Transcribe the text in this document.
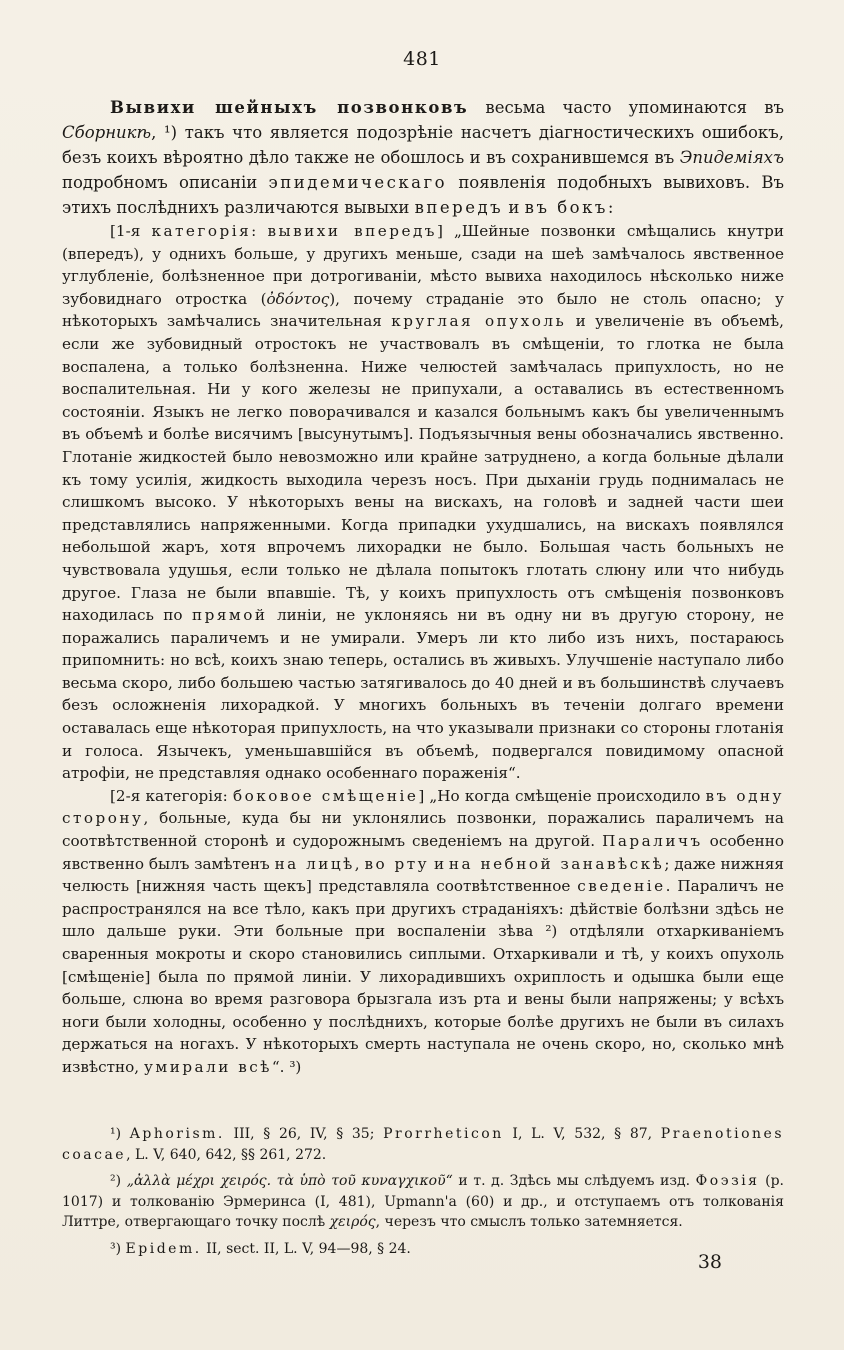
481

Вывихи шейныхъ позвонковъ весьма часто упоминаются въ Сборникѣ, ¹) такъ что является подозрѣніе насчетъ діагностическихъ ошибокъ, безъ коихъ вѣроятно дѣло также не обошлось и въ сохранившемся въ Эпидеміяхъ подробномъ описаніи эпидемическаго появленія подобныхъ вывиховъ. Въ этихъ послѣднихъ различаются вывыхи впередъ и въ бокъ:

[1-я категорія: вывихи впередъ] „Шейные позвонки смѣщались кнутри (впередъ), у однихъ больше, у другихъ меньше, сзади на шеѣ замѣчалось явственное углубленіе, болѣзненное при дотрогиваніи, мѣсто вывиха находилось нѣсколько ниже зубовиднаго отростка (ὀδόντος), почему страданіе это было не столь опасно; у нѣкоторыхъ замѣчались значительная круглая опухоль и увеличеніе въ объемѣ, если же зубовидный отростокъ не участвовалъ въ смѣщеніи, то глотка не была воспалена, а только болѣзненна. Ниже челюстей замѣчалась припухлость, но не воспалительная. Ни у кого железы не припухали, а оставались въ естественномъ состояніи. Языкъ не легко поворачивался и казался больнымъ какъ бы увеличеннымъ въ объемѣ и болѣе висячимъ [высунутымъ]. Подъязычныя вены обозначались явственно. Глотаніе жидкостей было невозможно или крайне затруднено, а когда больные дѣлали къ тому усилія, жидкость выходила черезъ носъ. При дыханіи грудь поднималась не слишкомъ высоко. У нѣкоторыхъ вены на вискахъ, на головѣ и задней части шеи представлялись напряженными. Когда припадки ухудшались, на вискахъ появлялся небольшой жаръ, хотя впрочемъ лихорадки не было. Большая часть больныхъ не чувствовала удушья, если только не дѣлала попытокъ глотать слюну или что нибудь другое. Глаза не были впавшіе. Тѣ, у коихъ припухлость отъ смѣщенія позвонковъ находилась по прямой линіи, не уклоняясь ни въ одну ни въ другую сторону, не поражались параличемъ и не умирали. Умеръ ли кто либо изъ нихъ, постараюсь припомнить: но всѣ, коихъ знаю теперь, остались въ живыхъ. Улучшеніе наступало либо весьма скоро, либо большею частью затягивалось до 40 дней и въ большинствѣ случаевъ безъ осложненія лихорадкой. У многихъ больныхъ въ теченіи долгаго времени оставалась еще нѣкоторая припухлость, на что указывали признаки со стороны глотанія и голоса. Язычекъ, уменьшавшійся въ объемѣ, подвергался повидимому опасной атрофіи, не представляя однако особеннаго пораженія“.

[2-я категорія: боковое смѣщеніе] „Но когда смѣщеніе происходило въ одну сторону, больные, куда бы ни уклонялись позвонки, поражались параличемъ на соотвѣтственной сторонѣ и судорожнымъ сведеніемъ на другой. Параличъ особенно явственно былъ замѣтенъ на лицѣ, во рту и на небной занавѣскѣ; даже нижняя челюсть [нижняя часть щекъ] представляла соотвѣтственное сведеніе. Параличъ не распространялся на все тѣло, какъ при другихъ страданіяхъ: дѣйствіе болѣзни здѣсь не шло дальше руки. Эти больные при воспаленіи зѣва ²) отдѣляли отхаркиваніемъ сваренныя мокроты и скоро становились сиплыми. Отхаркивали и тѣ, у коихъ опухоль [смѣщеніе] была по прямой линіи. У лихорадившихъ охриплость и одышка были еще больше, слюна во время разговора брызгала изъ рта и вены были напряжены; у всѣхъ ноги были холодны, особенно у послѣднихъ, которые болѣе другихъ не были въ силахъ держаться на ногахъ. У нѣкоторыхъ смерть наступала не очень скоро, но, сколько мнѣ извѣстно, умирали всѣ“. ³)

¹) Aphorism. III, § 26, IV, § 35; Prorrheticon I, L. V, 532, § 87, Praenotiones coacae, L. V, 640, 642, §§ 261, 272.

²) „ἀλλὰ μέχρι χειρός. τὰ ὑπὸ τοῦ κυναγχικοῦ“ и т. д. Здѣсь мы слѣдуемъ изд. Фоэзія (p. 1017) и толкованію Эрмеринса (I, 481), Upmann'a (60) и др., и отступаемъ отъ толкованія Литтре, отвергающаго точку послѣ χειρός, черезъ что смыслъ только затемняется.

³) Epidem. II, sect. II, L. V, 94—98, § 24.

38
